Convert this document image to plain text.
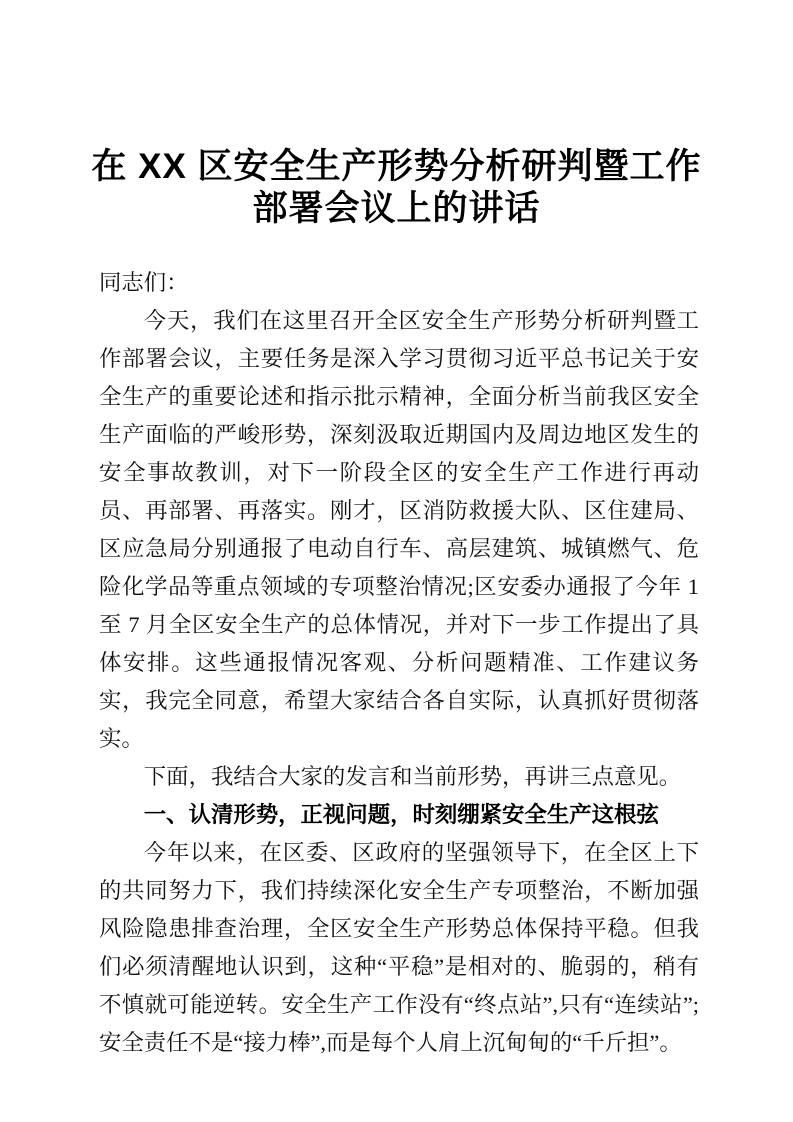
在 XX 区安全生产形势分析研判暨工作
部署会议上的讲话

同志们：

今天，我们在这里召开全区安全生产形势分析研判暨工作部署会议，主要任务是深入学习贯彻习近平总书记关于安全生产的重要论述和指示批示精神，全面分析当前我区安全生产面临的严峻形势，深刻汲取近期国内及周边地区发生的安全事故教训，对下一阶段全区的安全生产工作进行再动员、再部署、再落实。刚才，区消防救援大队、区住建局、区应急局分别通报了电动自行车、高层建筑、城镇燃气、危险化学品等重点领域的专项整治情况;区安委办通报了今年 1 至 7 月全区安全生产的总体情况，并对下一步工作提出了具体安排。这些通报情况客观、分析问题精准、工作建议务实，我完全同意，希望大家结合各自实际，认真抓好贯彻落实。

下面，我结合大家的发言和当前形势，再讲三点意见。

一、认清形势，正视问题，时刻绷紧安全生产这根弦

今年以来，在区委、区政府的坚强领导下，在全区上下的共同努力下，我们持续深化安全生产专项整治，不断加强风险隐患排查治理，全区安全生产形势总体保持平稳。但我们必须清醒地认识到，这种“平稳”是相对的、脆弱的，稍有不慎就可能逆转。安全生产工作没有“终点站”,只有“连续站”;安全责任不是“接力棒”,而是每个人肩上沉甸甸的“千斤担”。
